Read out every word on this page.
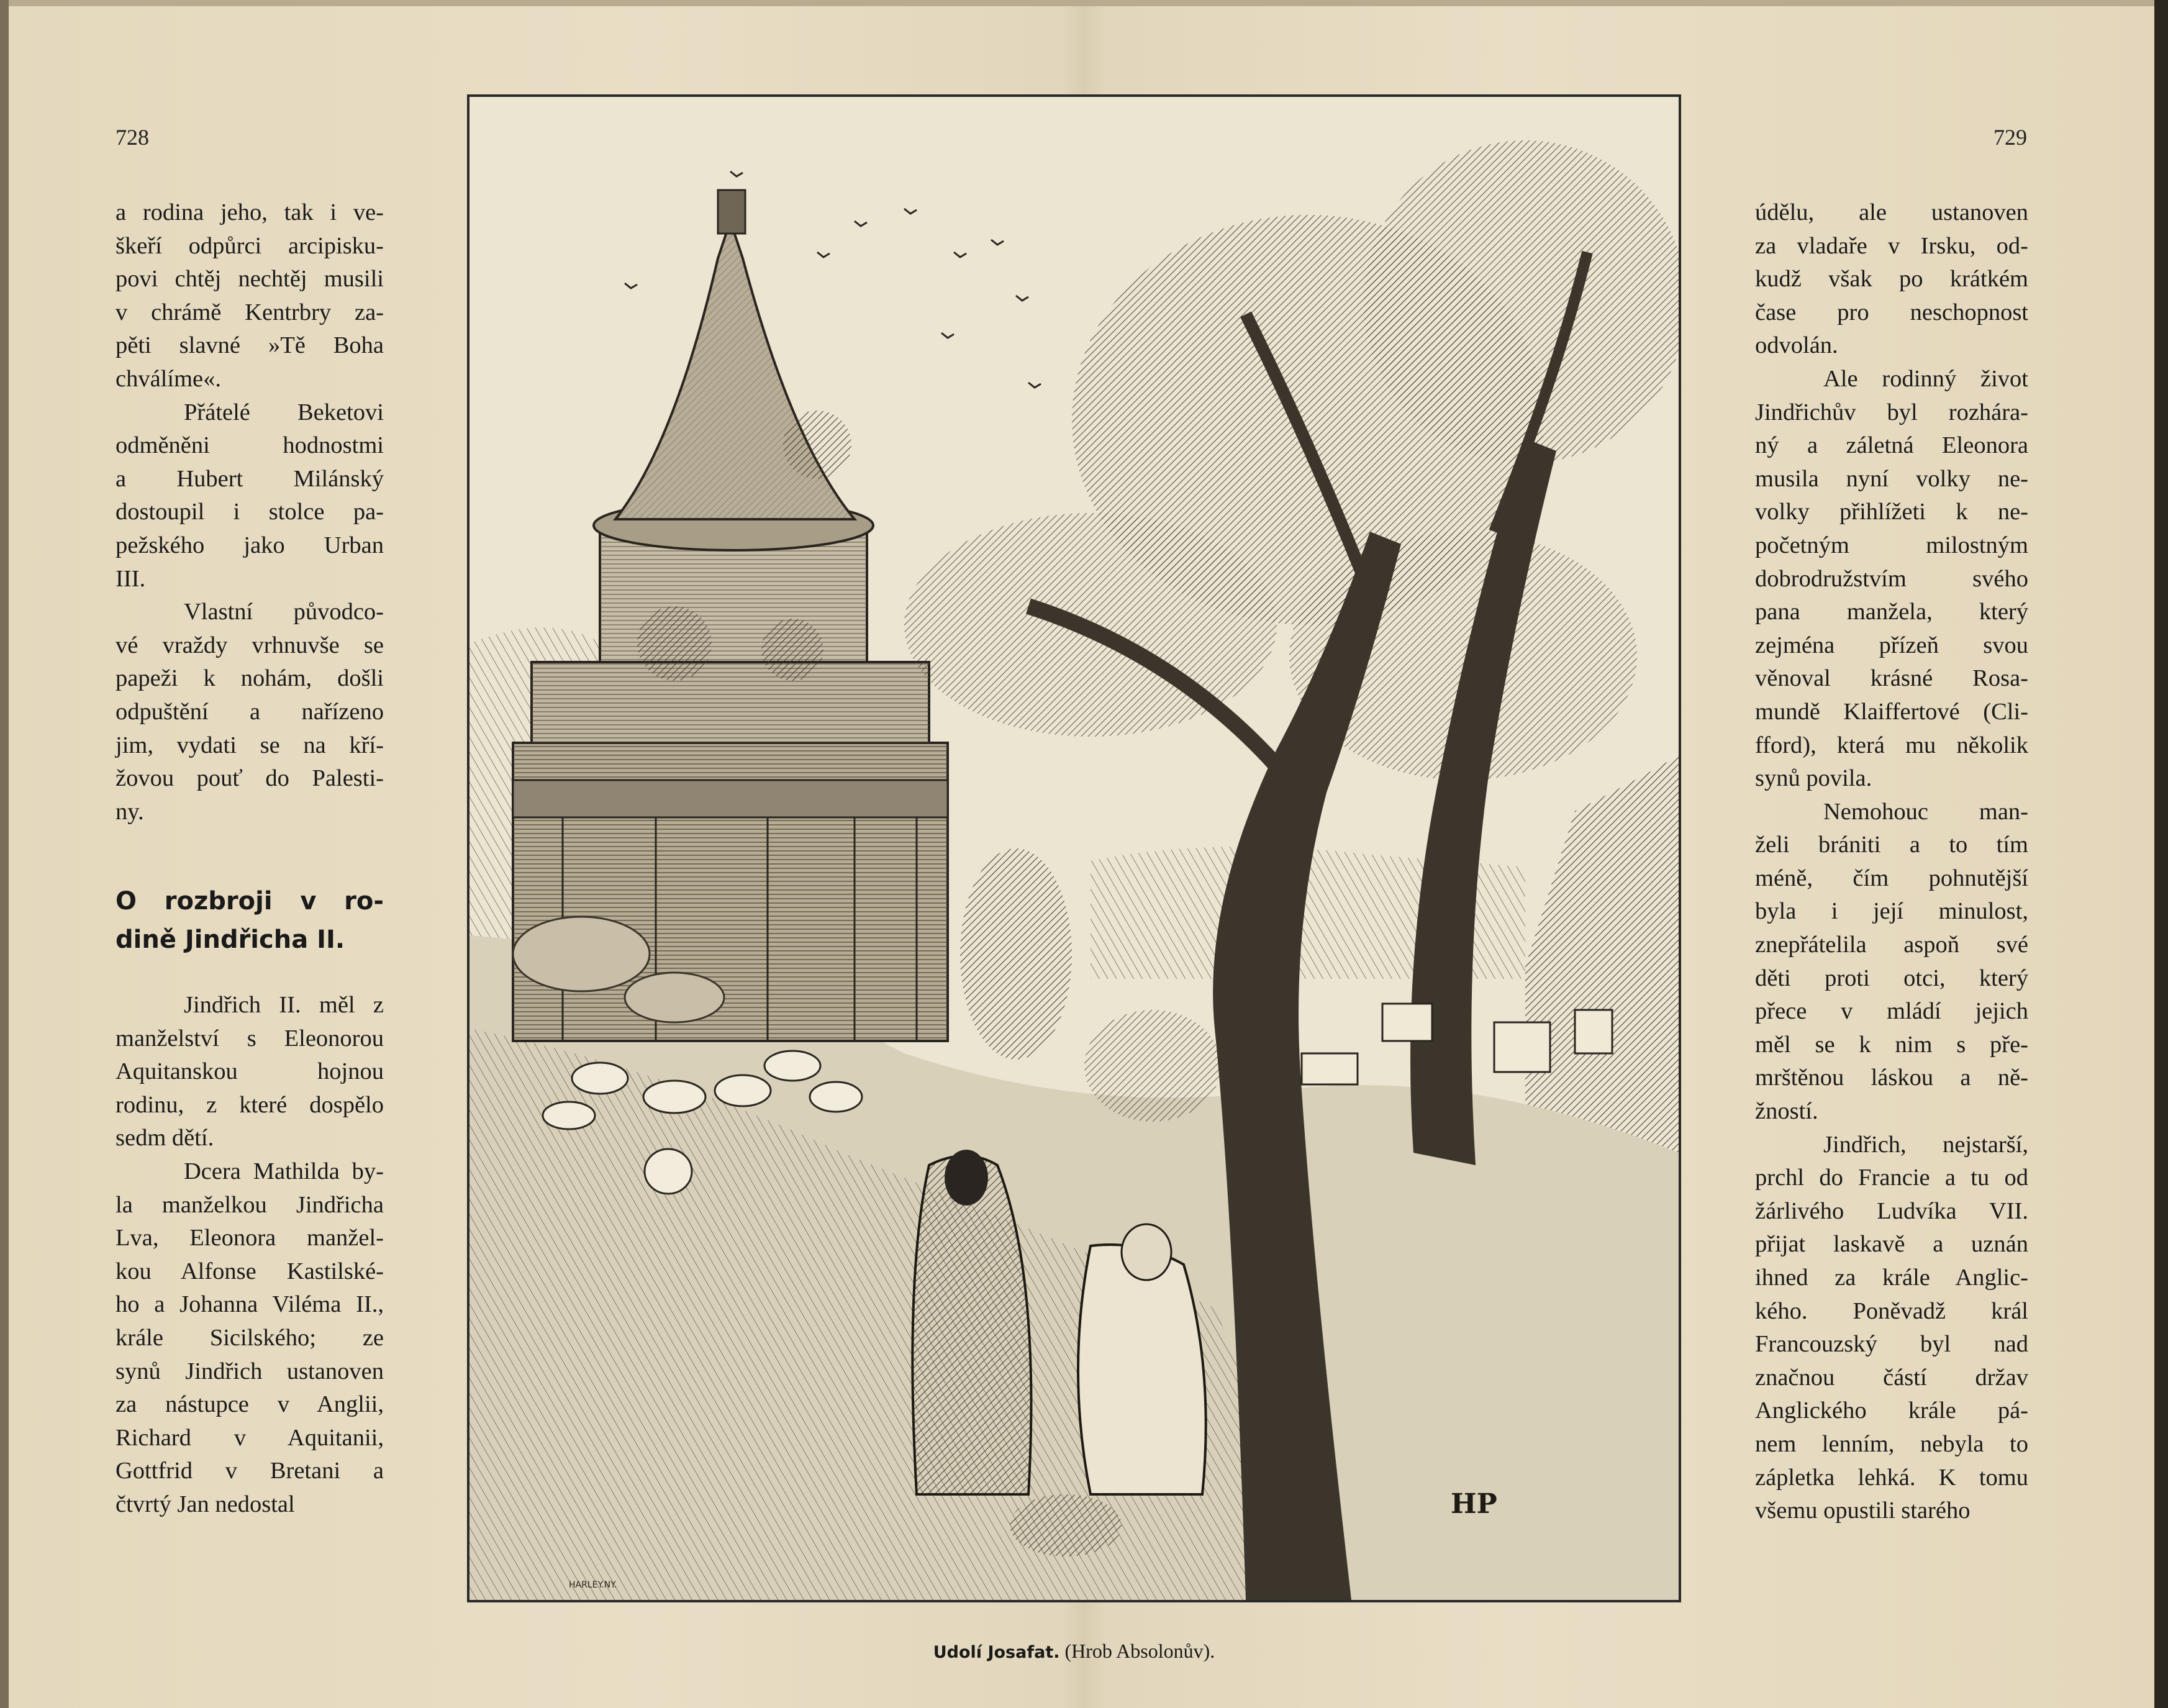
728	729

a rodina jeho, tak i ve-

škeří odpůrci arcipisku-

povi chtěj nechtěj musili

v chrámě Kentrbry za-

pěti slavné »Tě Boha

chválíme«.

Přátelé Beketovi

odměněni hodnostmi

a Hubert Milánský

dostoupil i stolce pa-

pežského jako Urban

III.

Vlastní původco-

vé vraždy vrhnuvše se

papeži k nohám, došli

odpuštění a nařízeno

jim, vydati se na kří-

žovou pouť do Palesti-

ny.

O rozbroji v ro-
dině Jindřicha II.

Jindřich II. měl z

manželství s Eleonorou

Aquitanskou hojnou

rodinu, z které dospělo

sedm dětí.

Dcera Mathilda by-

la manželkou Jindřicha

Lva, Eleonora manžel-

kou Alfonse Kastilské-

ho a Johanna Viléma II.,

krále Sicilského; ze

synů Jindřich ustanoven

za nástupce v Anglii,

Richard v Aquitanii,

Gottfrid v Bretani a

čtvrtý Jan nedostal

údělu, ale ustanoven

za vladaře v Irsku, od-

kudž však po krátkém

čase pro neschopnost

odvolán.

Ale rodinný život

Jindřichův byl rozhára-

ný a záletná Eleonora

musila nyní volky ne-

volky přihlížeti k ne-

početným milostným

dobrodružstvím svého

pana manžela, který

zejména přízeň svou

věnoval krásné Rosa-

mundě Klaiffertové (Cli-

fford), která mu několik

synů povila.

Nemohouc man-

želi brániti a to tím

méně, čím pohnutější

byla i její minulost,

znepřátelila aspoň své

děti proti otci, který

přece v mládí jejich

měl se k nim s pře-

mrštěnou láskou a ně-

žností.

Jindřich, nejstarší,

prchl do Francie a tu od

žárlivého Ludvíka VII.

přijat laskavě a uznán

ihned za krále Anglic-

kého. Poněvadž král

Francouzský byl nad

značnou částí držav

Anglického krále pá-

nem lenním, nebyla to

zápletka lehká. K tomu

všemu opustili starého

HARLEY.NY.
HP
Udolí Josafat. (Hrob Absolonův).
